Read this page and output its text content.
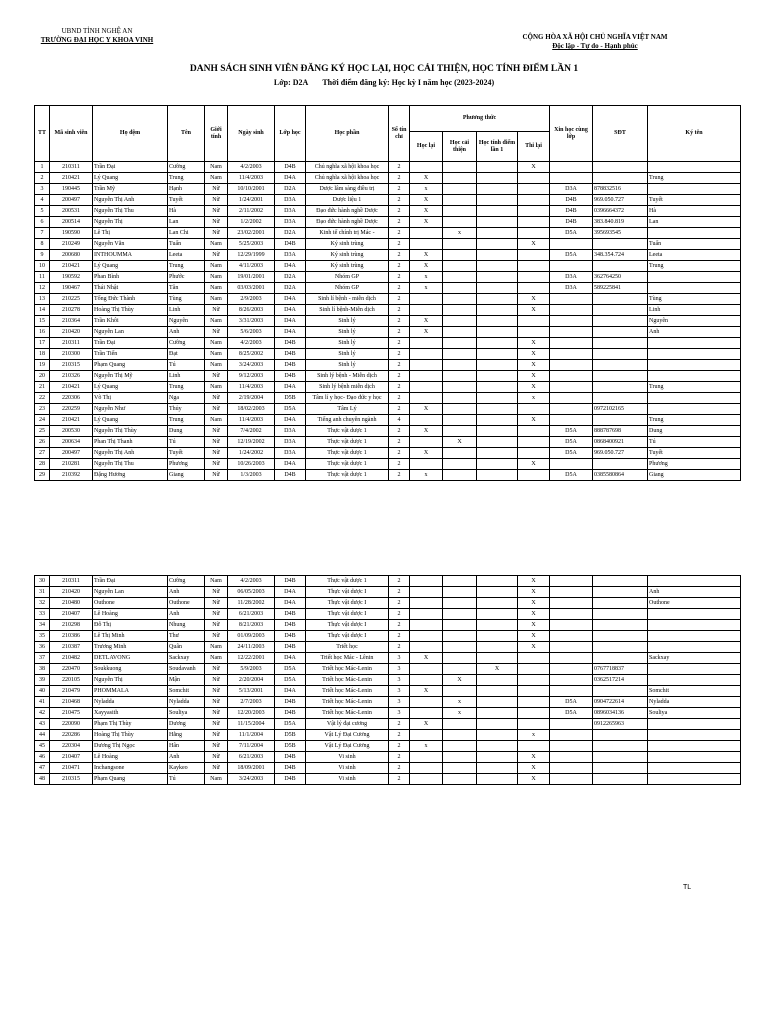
UBND TỈNH NGHỆ AN
TRƯỜNG ĐẠI HỌC Y KHOA VINH	CỘNG HÒA XÃ HỘI CHỦ NGHĨA VIỆT NAM
Độc lập - Tự do - Hạnh phúc
DANH SÁCH SINH VIÊN ĐĂNG KÝ HỌC LẠI, HỌC CẢI THIỆN, HỌC TÍNH ĐIỂM LẦN 1
Lớp: D2A Thời điểm đăng ký: Học kỳ I năm học (2023-2024)
TT	Mã sinh viên	Họ đệm	Tên	Giới tính	Ngày sinh	Lớp học	Học phần	Số tín chỉ	Phương thức				Xin học cùng lớp	SĐT	Ký tên
									Học lại	Học cải thiện	Học tính điểm lần 1	Thi lại			
1	210311	Trần Đại	Cường	Nam	4/2/2003	D4B	Chủ nghĩa xã hội khoa học	2				X			
2	210421	Lý Quang	Trung	Nam	11/4/2003	D4A	Chủ nghĩa xã hội khoa học	2	X						Trung
3	190445	Trần Mỹ	Hạnh	Nữ	10/10/2001	D2A	Dược lâm sàng điều trị	2	x				D3A	878832516	
4	200497	Nguyễn Thị Anh	Tuyết	Nữ	1/24/2001	D3A	Dược liệu 1	2	X				D4B	969.050.727	Tuyết
5	200531	Nguyễn Thị Thu	Hà	Nữ	2/11/2002	D3A	Đạo đức hành nghề Dược	2	X				D4B	0396664372	Hà
6	200514	Nguyễn Thị	Lan	Nữ	1/2/2002	D3A	Đạo đức hành nghề Dược	2	X				D4B	383.840.819	Lan
7	190590	Lê Thị	Lan Chi	Nữ	23/02/2001	D2A	Kinh tế chính trị Mác -	2		x			D5A	395693545	
8	210249	Nguyễn Văn	Tuấn	Nam	5/25/2003	D4B	Ký sinh trùng	2				X			Tuấn
9	200680	INTHOUMMA	Leeta	Nữ	12/29/1999	D3A	Ký sinh trùng	2	X				D5A	348.354.724	Leeta
10	210421	Lý Quang	Trung	Nam	4/11/2003	D4A	Ký sinh trùng	2	X						Trung
11	190592	Phan Bình	Phước	Nam	19/01/2001	D2A	Nhóm GP	2	x				D3A	362764250	
12	190467	Thái Nhật	Tân	Nam	03/03/2001	D2A	Nhóm GP	2	x				D3A	589225841	
13	210225	Tống Đức Thành	Tùng	Nam	2/9/2003	D4A	Sinh lí bệnh - miễn dịch	2				X			Tùng
14	210278	Hoàng Thị Thùy	Linh	Nữ	8/26/2003	D4A	Sinh lí bệnh-Miễn dịch	2				X			Linh
15	210364	Trần Khôi	Nguyên	Nam	3/31/2003	D4A	Sinh lý	2	X						Nguyên
16	210420	Nguyễn Lan	Anh	Nữ	5/6/2003	D4A	Sinh lý	2	X						Anh
17	210311	Trần Đại	Cường	Nam	4/2/2003	D4B	Sinh lý	2				X			
18	210300	Trần Tiến	Đạt	Nam	8/25/2002	D4B	Sinh lý	2				X			
19	210315	Phạm Quang	Tú	Nam	3/24/2003	D4B	Sinh lý	2				X			
20	210326	Nguyễn Thị Mỹ	Linh	Nữ	9/12/2003	D4B	Sinh lý bệnh - Miễn dịch	2				X			
21	210421	Lý Quang	Trung	Nam	11/4/2003	D4A	Sinh lý bệnh miễn dịch	2				X			Trung
22	220306	Võ Thị	Nga	Nữ	2/19/2004	D5B	Tâm lí y học- Đạo đức y học	2				x			
23	220259	Nguyễn Như	Thủy	Nữ	18/02/2003	D5A	Tâm Lý	2	X					0972102165	
24	210421	Lý Quang	Trung	Nam	11/4/2003	D4A	Tiếng anh chuyên ngành	4				X			Trung
25	200530	Nguyễn Thị Thùy	Dung	Nữ	7/4/2002	D3A	Thực vật dược 1	2	X				D5A	888787698	Dung
26	200634	Phan Thị Thanh	Tú	Nữ	12/19/2002	D3A	Thực vật dược 1	2		X			D5A	0868400921	Tú
27	200497	Nguyễn Thị Anh	Tuyết	Nữ	1/24/2002	D3A	Thực vật dược 1	2	X				D5A	969.050.727	Tuyết
28	210281	Nguyễn Thị Thu	Phương	Nữ	10/26/2003	D4A	Thực vật dược 1	2				X			Phương
29	210392	Đặng Hương	Giang	Nữ	1/3/2003	D4B	Thực vật dược 1	2	x				D5A	0385580864	Giang
30	210311	Trần Đại	Cường	Nam	4/2/2003	D4B	Thực vật dược 1	2				X			
31	210420	Nguyễn Lan	Anh	Nữ	06/05/2003	D4A	Thực vật dược I	2				X			Anh
32	210480	Outhone	Outhone	Nữ	11/28/2002	D4A	Thực vật dược I	2				X			Outhone
33	210407	Lê Hoàng	Anh	Nữ	6/21/2003	D4B	Thực vật dược I	2				X			
34	210298	Đỗ Thị	Nhung	Nữ	8/21/2003	D4B	Thực vật dược I	2				X			
35	210386	Lê Thị Minh	Thư	Nữ	01/09/2003	D4B	Thực vật dược I	2				X			
36	210387	Trương Minh	Quân	Nam	24/11/2003	D4B	Triết học	2				X			
37	210482	DETLAVONG	Sackxay	Nam	12/22/2001	D4A	Triết học Mác - Lênin	3	X						Sackxay
38	220470	Soukkuong	Soudavanh	Nữ	5/9/2003	D5A	Triết học Mác-Lenin	3			X			0767718837	
39	220105	Nguyễn Thị	Mận	Nữ	2/20/2004	D5A	Triết học Mác-Lenin	3		X				0362517214	
40	210479	PHOMMALA	Somchit	Nữ	5/13/2001	D4A	Triết học Mác-Lenin	3	X						Somchit
41	210468	Nyladda	Nyladda	Nữ	2/7/2003	D4B	Triết học Mác-Lenin	3		x			D5A	0904722614	Nyladda
42	210475	Xayyasith	Souliya	Nữ	12/20/2003	D4B	Triết học Mác-Lenin	3		x			D5A	0896034136	Souliya
43	220090	Phạm Thị Thùy	Dương	Nữ	11/15/2004	D5A	Vật lý đại cương	2	X					0912265963	
44	220286	Hoàng Thị Thùy	Hằng	Nữ	11/1/2004	D5B	Vật Lý Đại Cương	2				x			
45	220304	Dương Thị Ngọc	Hân	Nữ	7/11/2004	D5B	Vật Lý Đại Cương	2	x						
46	210407	Lê Hoàng	Anh	Nữ	6/21/2003	D4B	Vi sinh	2				X			
47	210471	Inchangsone	Kaykeo	Nữ	18/09/2001	D4B	Vi sinh	2				X			
48	210315	Phạm Quang	Tú	Nam	3/24/2003	D4B	Vi sinh	2				X			
TL
